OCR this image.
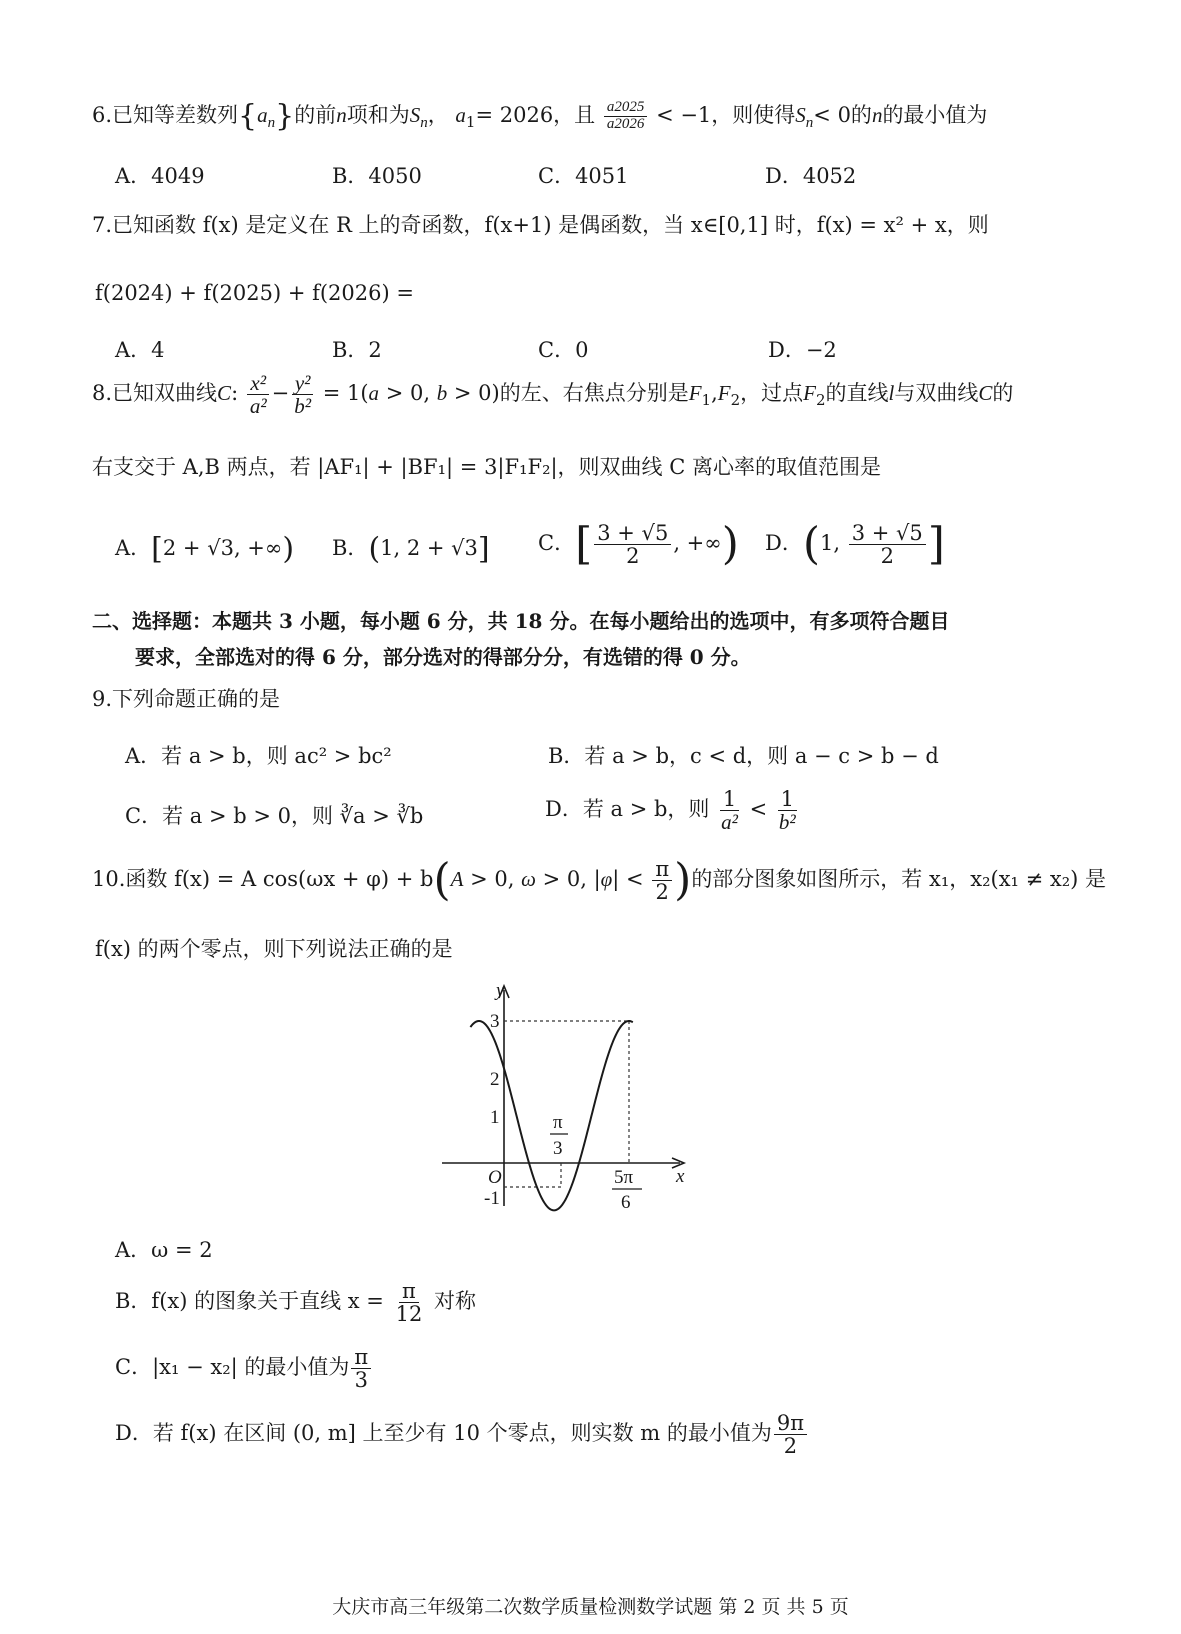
6.已知等差数列$\{a_n\}$的前n项和为$S_n$， $a_1= 2026$，且 $\frac{a2025}{a2026} < -1$，则使得$S_n< 0$的n的最小值为
A．4049	B．4050	C．4051	D．4052
7.已知函数 f(x) 是定义在 R 上的奇函数，f(x+1) 是偶函数，当 x∈[0,1] 时，f(x) = x² + x，则
f(2024) + f(2025) + f(2026) =
A．4	B．2	C．0	D．−2
8.已知双曲线C: $\frac{\text{x²}}{\text{a²}} - \frac{\text{y²}}{\text{b²}} = 1(a > 0$, b > 0)的左、右焦点分别是$F_1,F_2$，过点$F_2$的直线l与双曲线C的
右支交于 A,B 两点，若 |AF₁| + |BF₁| = 3|F₁F₂|，则双曲线 C 离心率的取值范围是
A．[2 + √3, +∞) B．(1, 2 + √3] C．[ $\frac{3 + √5}{2}$ , +∞) D．(1, $\frac{3 + √5}{2}$ ]
二、选择题：本题共 3 小题，每小题 6 分，共 18 分。在每小题给出的选项中，有多项符合题目
要求，全部选对的得 6 分，部分选对的得部分分，有选错的得 0 分。
9.下列命题正确的是
A．若 a > b，则 ac² > bc²	B．若 a > b，c < d，则 a − c > b − d
C．若 a > b > 0，则 ∛a > ∛b	D．若 a > b，则 $\frac{1}{\text{a²}} < \frac{1}{\text{b²}}$
10.函数 f(x) = A cos(ωx + φ) + b(A > 0, ω > 0, $|\varphi| < \frac{\pi}{2}$ )的部分图象如图所示，若 x₁，x₂(x₁ ≠ x₂) 是
f(x) 的两个零点，则下列说法正确的是
y
x
O
3
2
1
-1
π
3
5π
6
A．ω = 2
B．f(x) 的图象关于直线 $x = \frac{\pi}{12}$ 对称
C．|x₁ − x₂| 的最小值为 $\frac{\pi}{3}$
D．若 f(x) 在区间 (0, m] 上至少有 10 个零点，则实数 m 的最小值为 $\frac{9\pi}{2}$
大庆市高三年级第二次数学质量检测数学试题 第 2 页 共 5 页
